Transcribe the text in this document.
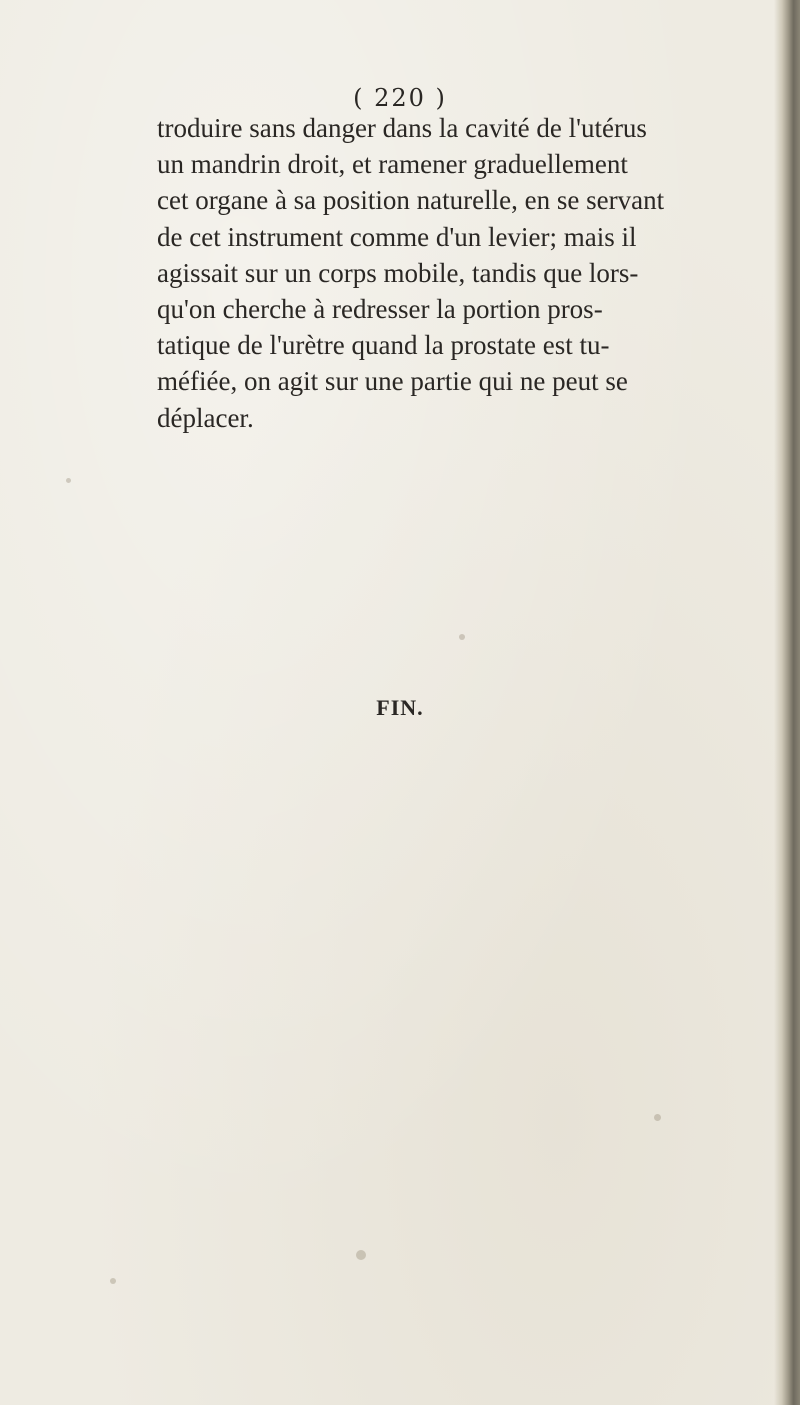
( 220 )
troduire sans danger dans la cavité de l'utérus
un mandrin droit, et ramener graduellement
cet organe à sa position naturelle, en se servant
de cet instrument comme d'un levier; mais il
agissait sur un corps mobile, tandis que lors-
qu'on cherche à redresser la portion pros-
tatique de l'urètre quand la prostate est tu-
méfiée, on agit sur une partie qui ne peut se
déplacer.
FIN.
